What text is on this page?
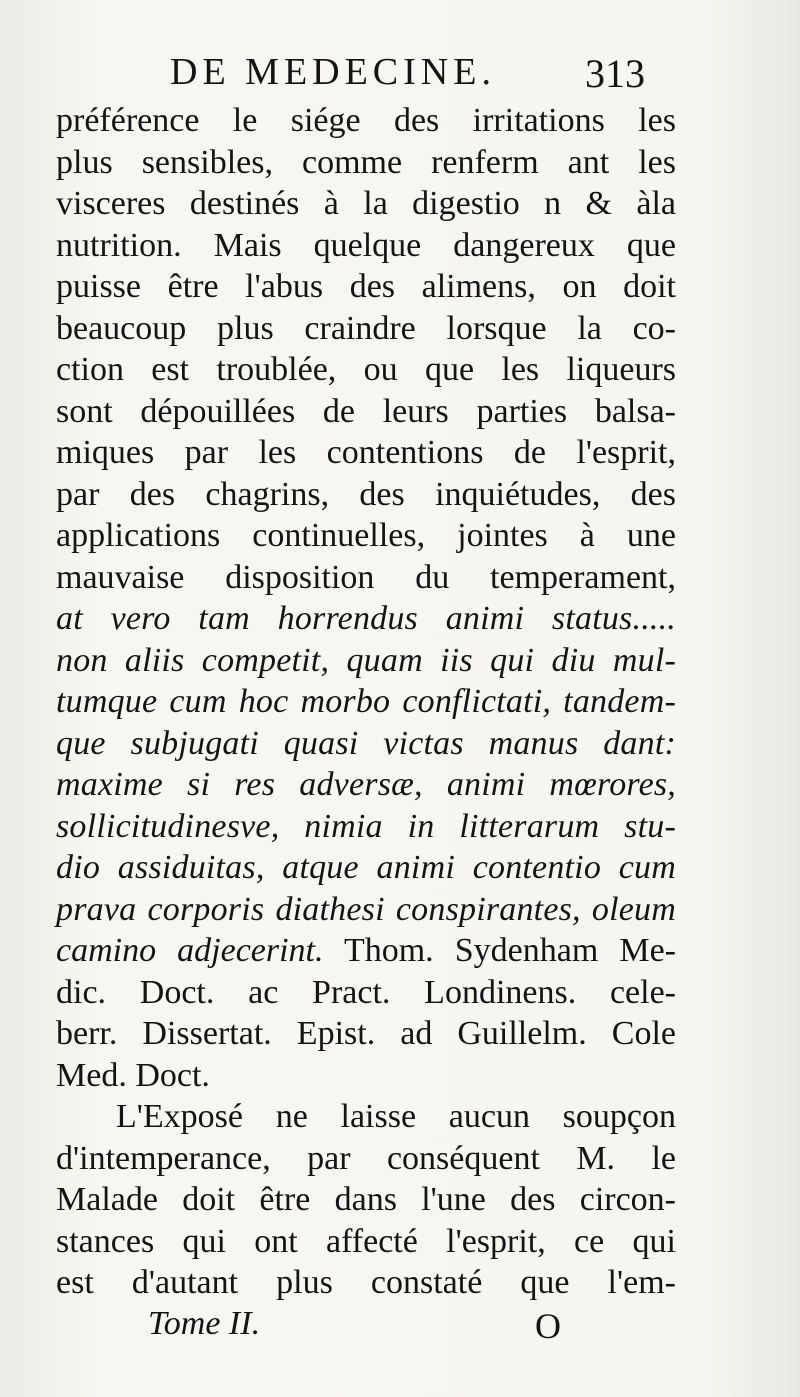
DE MEDECINE. 313
préférence le siége des irritations les
plus sensibles, comme renferm ant les
visceres destinés à la digestio n & àla
nutrition. Mais quelque dangereux que
puisse être l'abus des alimens, on doit
beaucoup plus craindre lorsque la co-
ction est troublée, ou que les liqueurs
sont dépouillées de leurs parties balsa-
miques par les contentions de l'esprit,
par des chagrins, des inquiétudes, des
applications continuelles, jointes à une
mauvaise disposition du temperament,
at vero tam horrendus animi status.....
non aliis competit, quam iis qui diu mul-
tumque cum hoc morbo conflictati, tandem-
que subjugati quasi victas manus dant:
maxime si res adversæ, animi mœrores,
sollicitudinesve, nimia in litterarum stu-
dio assiduitas, atque animi contentio cum
prava corporis diathesi conspirantes, oleum
camino adjecerint. Thom. Sydenham Me-
dic. Doct. ac Pract. Londinens. cele-
berr. Dissertat. Epist. ad Guillelm. Cole
Med. Doct.
L'Exposé ne laisse aucun soupçon
d'intemperance, par conséquent M. le
Malade doit être dans l'une des circon-
stances qui ont affecté l'esprit, ce qui
est d'autant plus constaté que l'em-
Tome II.	O
